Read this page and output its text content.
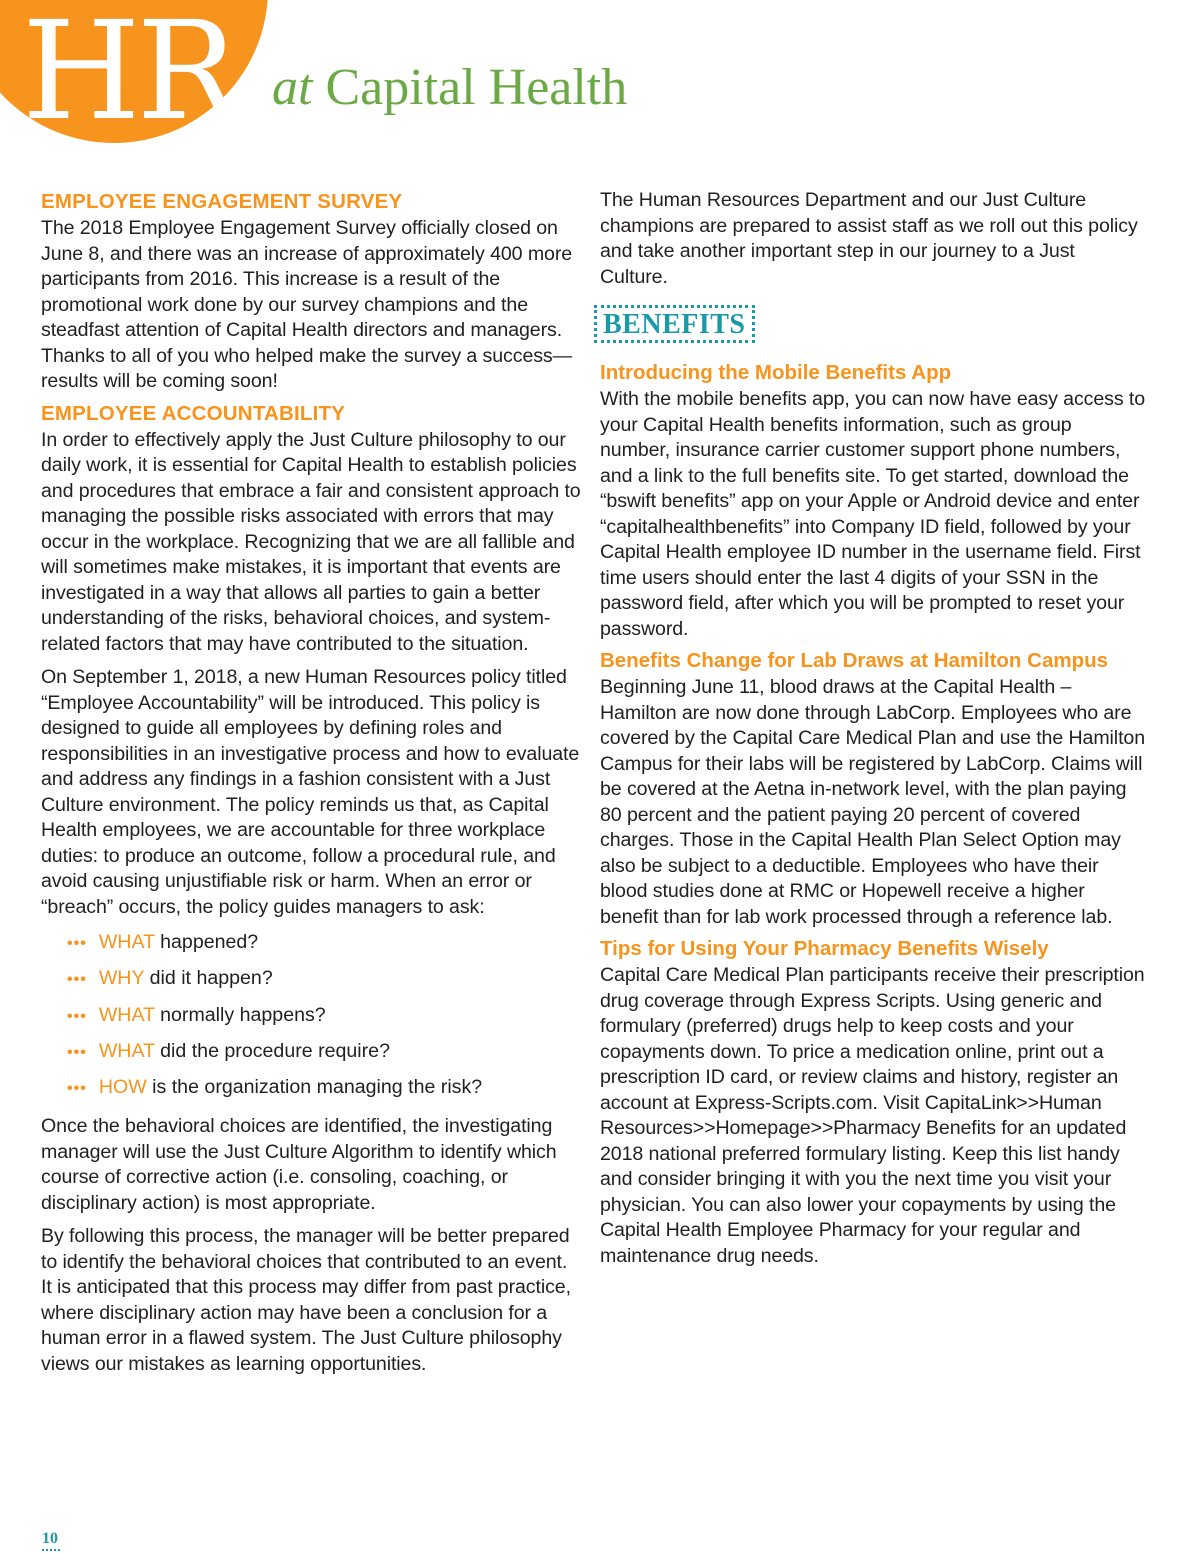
HR at Capital Health
EMPLOYEE ENGAGEMENT SURVEY

The 2018 Employee Engagement Survey officially closed on June 8, and there was an increase of approximately 400 more participants from 2016. This increase is a result of the promotional work done by our survey champions and the steadfast attention of Capital Health directors and managers. Thanks to all of you who helped make the survey a success—results will be coming soon!

EMPLOYEE ACCOUNTABILITY

In order to effectively apply the Just Culture philosophy to our daily work, it is essential for Capital Health to establish policies and procedures that embrace a fair and consistent approach to managing the possible risks associated with errors that may occur in the workplace. Recognizing that we are all fallible and will sometimes make mistakes, it is important that events are investigated in a way that allows all parties to gain a better understanding of the risks, behavioral choices, and system-related factors that may have contributed to the situation.

On September 1, 2018, a new Human Resources policy titled “Employee Accountability” will be introduced. This policy is designed to guide all employees by defining roles and responsibilities in an investigative process and how to evaluate and address any findings in a fashion consistent with a Just Culture environment. The policy reminds us that, as Capital Health employees, we are accountable for three workplace duties: to produce an outcome, follow a procedural rule, and avoid causing unjustifiable risk or harm. When an error or “breach” occurs, the policy guides managers to ask:

••• WHAT happened?
••• WHY did it happen?
••• WHAT normally happens?
••• WHAT did the procedure require?
••• HOW is the organization managing the risk?

Once the behavioral choices are identified, the investigating manager will use the Just Culture Algorithm to identify which course of corrective action (i.e. consoling, coaching, or disciplinary action) is most appropriate.

By following this process, the manager will be better prepared to identify the behavioral choices that contributed to an event. It is anticipated that this process may differ from past practice, where disciplinary action may have been a conclusion for a human error in a flawed system. The Just Culture philosophy views our mistakes as learning opportunities.

The Human Resources Department and our Just Culture champions are prepared to assist staff as we roll out this policy and take another important step in our journey to a Just Culture.

BENEFITS
Introducing the Mobile Benefits App

With the mobile benefits app, you can now have easy access to your Capital Health benefits information, such as group number, insurance carrier customer support phone numbers, and a link to the full benefits site. To get started, download the “bswift benefits” app on your Apple or Android device and enter “capitalhealthbenefits” into Company ID field, followed by your Capital Health employee ID number in the username field. First time users should enter the last 4 digits of your SSN in the password field, after which you will be prompted to reset your password.

Benefits Change for Lab Draws at Hamilton Campus

Beginning June 11, blood draws at the Capital Health – Hamilton are now done through LabCorp. Employees who are covered by the Capital Care Medical Plan and use the Hamilton Campus for their labs will be registered by LabCorp. Claims will be covered at the Aetna in-network level, with the plan paying 80 percent and the patient paying 20 percent of covered charges. Those in the Capital Health Plan Select Option may also be subject to a deductible. Employees who have their blood studies done at RMC or Hopewell receive a higher benefit than for lab work processed through a reference lab.

Tips for Using Your Pharmacy Benefits Wisely

Capital Care Medical Plan participants receive their prescription drug coverage through Express Scripts. Using generic and formulary (preferred) drugs help to keep costs and your copayments down. To price a medication online, print out a prescription ID card, or review claims and history, register an account at Express-Scripts.com. Visit CapitaLink>>Human Resources>>Homepage>>Pharmacy Benefits for an updated 2018 national preferred formulary listing. Keep this list handy and consider bringing it with you the next time you visit your physician. You can also lower your copayments by using the Capital Health Employee Pharmacy for your regular and maintenance drug needs.

10
